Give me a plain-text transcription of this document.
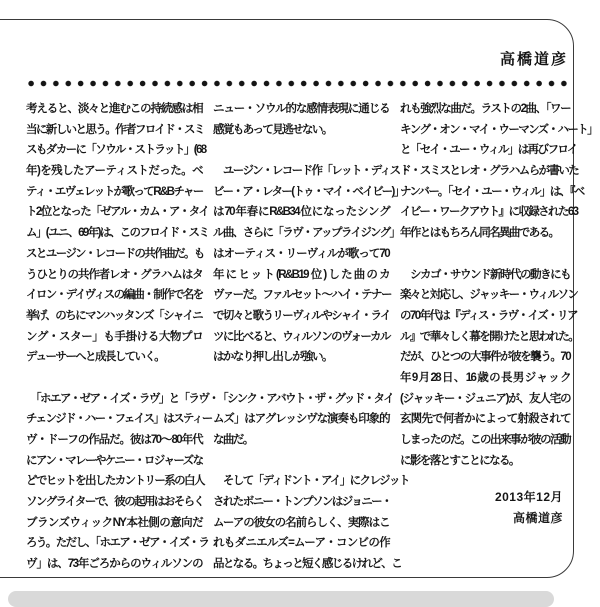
高橋道彦
考えると、淡々と進むこの持続感は相
当に新しいと思う。作者フロイド・スミ
スもダカーに「ソウル・ストラット」(68
年)を残したアーティストだった。ベ
ティ・エヴェレットが歌ってR&Bチャー
ト2位となった「ゼアル・カム・ア・タイ
ム」(ユニ、69年)は、このフロイド・スミ
スとユージン・レコードの共作曲だ。も
うひとりの共作者レオ・グラハムはタ
イロン・デイヴィスの編曲・制作で名を
挙げ、のちにマンハッタンズ「シャイニ
ング・スター」も手掛ける大物プロ
デューサーへと成長していく。
　「ホエア・ゼア・イズ・ラヴ」と「ラヴ・
チェンジド・ハー・フェイス」はスティー
ヴ・ドーフの作品だ。彼は70〜80年代
にアン・マレーやケニー・ロジャーズな
どでヒットを出したカントリー系の白人
ソングライターで、彼の起用はおそらく
ブランズウィックNY本社側の意向だ
ろう。ただし、「ホエア・ゼア・イズ・ラ
ヴ」は、73年ごろからのウィルソンの
ニュー・ソウル的な感情表現に通じる
感覚もあって見逃せない。
　ユージン・レコード作「レット・ディス・
ビー・ア・レター(トゥ・マイ・ベイビー)」
は70年春にR&B34位になったシング
ル曲、さらに「ラヴ・アップライジング」
はオーティス・リーヴィルが歌って70
年にヒット(R&B19位)した曲のカ
ヴァーだ。ファルセット〜ハイ・テナー
で切々と歌うリーヴィルやシャイ・ライ
ツに比べると、ウィルソンのヴォーカル
はかなり押し出しが強い。
　「シンク・アバウト・ザ・グッド・タイ
ムズ」はアグレッシヴな演奏も印象的
な曲だ。
　そして「ディドント・アイ」にクレジット
されたボニー・トンプソンはジョニー・
ムーアの彼女の名前らしく、実際はこ
れもダニエルズ=ムーア・コンビの作
品となる。ちょっと短く感じるけれど、こ
れも強烈な曲だ。ラストの2曲、「ワー
キング・オン・マイ・ウーマンズ・ハート」
と「セイ・ユー・ウィル」は再びフロイ
ド・スミスとレオ・グラハムらが書いた
ナンバー。「セイ・ユー・ウィル」は、『ベ
イビー・ワークアウト』に収録された63
年作とはもちろん同名異曲である。
　シカゴ・サウンド新時代の動きにも
楽々と対応し、ジャッキー・ウィルソン
の70年代は『ディス・ラヴ・イズ・リア
ル』で華々しく幕を開けたと思われた。
だが、ひとつの大事件が彼を襲う。70
年9月28日、16歳の長男ジャック
(ジャッキー・ジュニア)が、友人宅の
玄関先で何者かによって射殺されて
しまったのだ。この出来事が彼の活動
に影を落とすことになる。
2013年12月
高橋道彦
